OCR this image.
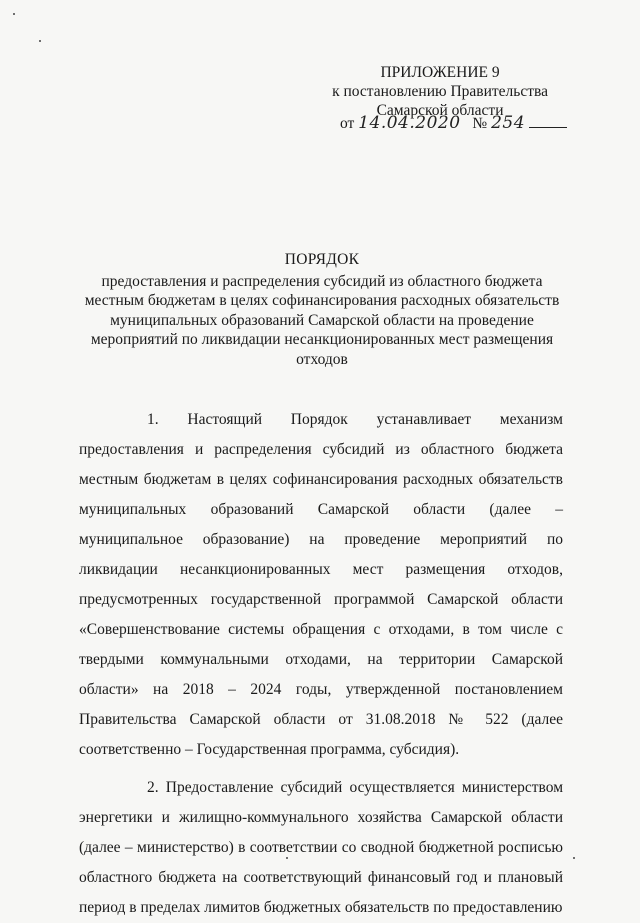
ПРИЛОЖЕНИЕ 9
к постановлению Правительства
Самарской области
от 14.04.2020 № 254
ПОРЯДОК
предоставления и распределения субсидий из областного бюджета
местным бюджетам в целях софинансирования расходных обязательств
муниципальных образований Самарской области на проведение
мероприятий по ликвидации несанкционированных мест размещения
отходов

1. Настоящий Порядок устанавливает механизм предоставления и распределения субсидий из областного бюджета местным бюджетам в целях софинансирования расходных обязательств муниципальных образований Самарской области (далее – муниципальное образование) на проведение мероприятий по ликвидации несанкционированных мест размещения отходов, предусмотренных государственной программой Самарской области «Совершенствование системы обращения с отходами, в том числе с твердыми коммунальными отходами, на территории Самарской области» на 2018 – 2024 годы, утвержденной постановлением Правительства Самарской области от 31.08.2018 № 522 (далее соответственно – Государственная программа, субсидия).

2. Предоставление субсидий осуществляется министерством энергетики и жилищно-коммунального хозяйства Самарской области (далее – министерство) в соответствии со сводной бюджетной росписью областного бюджета на соответствующий финансовый год и плановый период в пределах лимитов бюджетных обязательств по предоставлению
